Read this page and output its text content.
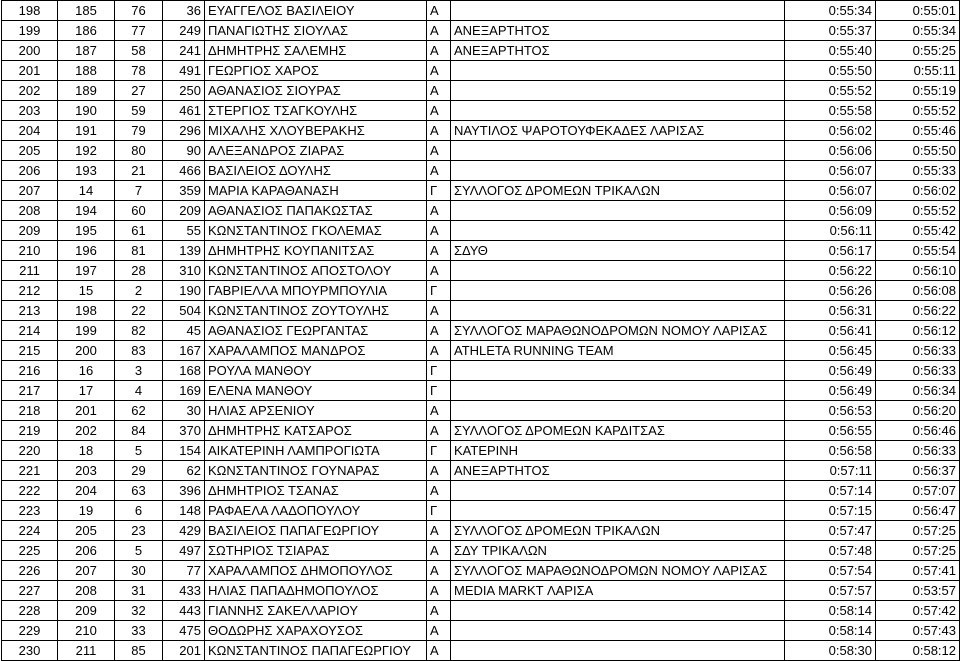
198	185	76	36	ΕΥΑΓΓΕΛΟΣ ΒΑΣΙΛΕΙΟΥ	Α		0:55:34	0:55:01
199	186	77	249	ΠΑΝΑΓΙΩΤΗΣ ΣΙΟΥΛΑΣ	Α	ΑΝΕΞΑΡΤΗΤΟΣ	0:55:37	0:55:34
200	187	58	241	ΔΗΜΗΤΡΗΣ ΣΑΛΕΜΗΣ	Α	ΑΝΕΞΑΡΤΗΤΟΣ	0:55:40	0:55:25
201	188	78	491	ΓΕΩΡΓΙΟΣ ΧΑΡΟΣ	Α		0:55:50	0:55:11
202	189	27	250	ΑΘΑΝΑΣΙΟΣ ΣΙΟΥΡΑΣ	Α		0:55:52	0:55:19
203	190	59	461	ΣΤΕΡΓΙΟΣ ΤΣΑΓΚΟΥΛΗΣ	Α		0:55:58	0:55:52
204	191	79	296	ΜΙΧΑΛΗΣ ΧΛΟΥΒΕΡΑΚΗΣ	Α	ΝΑΥΤΙΛΟΣ ΨΑΡΟΤΟΥΦΕΚΑΔΕΣ ΛΑΡΙΣΑΣ	0:56:02	0:55:46
205	192	80	90	ΑΛΕΞΑΝΔΡΟΣ ΖΙΑΡΑΣ	Α		0:56:06	0:55:50
206	193	21	466	ΒΑΣΙΛΕΙΟΣ ΔΟΥΛΗΣ	Α		0:56:07	0:55:33
207	14	7	359	ΜΑΡΙΑ ΚΑΡΑΘΑΝΑΣΗ	Γ	ΣΥΛΛΟΓΟΣ ΔΡΟΜΕΩΝ ΤΡΙΚΑΛΩΝ	0:56:07	0:56:02
208	194	60	209	ΑΘΑΝΑΣΙΟΣ ΠΑΠΑΚΩΣΤΑΣ	Α		0:56:09	0:55:52
209	195	61	55	ΚΩΝΣΤΑΝΤΙΝΟΣ ΓΚΟΛΕΜΑΣ	Α		0:56:11	0:55:42
210	196	81	139	ΔΗΜΗΤΡΗΣ ΚΟΥΠΑΝΙΤΣΑΣ	Α	ΣΔΥΘ	0:56:17	0:55:54
211	197	28	310	ΚΩΝΣΤΑΝΤΙΝΟΣ ΑΠΟΣΤΟΛΟΥ	Α		0:56:22	0:56:10
212	15	2	190	ΓΑΒΡΙΕΛΛΑ ΜΠΟΥΡΜΠΟΥΛΙΑ	Γ		0:56:26	0:56:08
213	198	22	504	ΚΩΝΣΤΑΝΤΙΝΟΣ ΖΟΥΤΟΥΛΗΣ	Α		0:56:31	0:56:22
214	199	82	45	ΑΘΑΝΑΣΙΟΣ ΓΕΩΡΓΑΝΤΑΣ	Α	ΣΥΛΛΟΓΟΣ ΜΑΡΑΘΩΝΟΔΡΟΜΩΝ ΝΟΜΟΥ ΛΑΡΙΣΑΣ	0:56:41	0:56:12
215	200	83	167	ΧΑΡΑΛΑΜΠΟΣ ΜΑΝΔΡΟΣ	Α	ATHLETA RUNNING TEAM	0:56:45	0:56:33
216	16	3	168	ΡΟΥΛΑ ΜΑΝΘΟΥ	Γ		0:56:49	0:56:33
217	17	4	169	ΕΛΕΝΑ ΜΑΝΘΟΥ	Γ		0:56:49	0:56:34
218	201	62	30	ΗΛΙΑΣ ΑΡΣΕΝΙΟΥ	Α		0:56:53	0:56:20
219	202	84	370	ΔΗΜΗΤΡΗΣ ΚΑΤΣΑΡΟΣ	Α	ΣΥΛΛΟΓΟΣ ΔΡΟΜΕΩΝ ΚΑΡΔΙΤΣΑΣ	0:56:55	0:56:46
220	18	5	154	ΑΙΚΑΤΕΡΙΝΗ ΛΑΜΠΡΟΓΙΩΤΑ	Γ	ΚΑΤΕΡΙΝΗ	0:56:58	0:56:33
221	203	29	62	ΚΩΝΣΤΑΝΤΙΝΟΣ ΓΟΥΝΑΡΑΣ	Α	ΑΝΕΞΑΡΤΗΤΟΣ	0:57:11	0:56:37
222	204	63	396	ΔΗΜΗΤΡΙΟΣ ΤΣΑΝΑΣ	Α		0:57:14	0:57:07
223	19	6	148	ΡΑΦΑΕΛΑ ΛΑΔΟΠΟΥΛΟΥ	Γ		0:57:15	0:56:47
224	205	23	429	ΒΑΣΙΛΕΙΟΣ ΠΑΠΑΓΕΩΡΓΙΟΥ	Α	ΣΥΛΛΟΓΟΣ ΔΡΟΜΕΩΝ ΤΡΙΚΑΛΩΝ	0:57:47	0:57:25
225	206	5	497	ΣΩΤΗΡΙΟΣ ΤΣΙΑΡΑΣ	Α	ΣΔΥ ΤΡΙΚΑΛΩΝ	0:57:48	0:57:25
226	207	30	77	ΧΑΡΑΛΑΜΠΟΣ ΔΗΜΟΠΟΥΛΟΣ	Α	ΣΥΛΛΟΓΟΣ ΜΑΡΑΘΩΝΟΔΡΟΜΩΝ ΝΟΜΟΥ ΛΑΡΙΣΑΣ	0:57:54	0:57:41
227	208	31	433	ΗΛΙΑΣ ΠΑΠΑΔΗΜΟΠΟΥΛΟΣ	Α	MEDIA MARKT ΛΑΡΙΣΑ	0:57:57	0:53:57
228	209	32	443	ΓΙΑΝΝΗΣ ΣΑΚΕΛΛΑΡΙΟΥ	Α		0:58:14	0:57:42
229	210	33	475	ΘΟΔΩΡΗΣ ΧΑΡΑΧΟΥΣΟΣ	Α		0:58:14	0:57:43
230	211	85	201	ΚΩΝΣΤΑΝΤΙΝΟΣ ΠΑΠΑΓΕΩΡΓΙΟΥ	Α		0:58:30	0:58:12
